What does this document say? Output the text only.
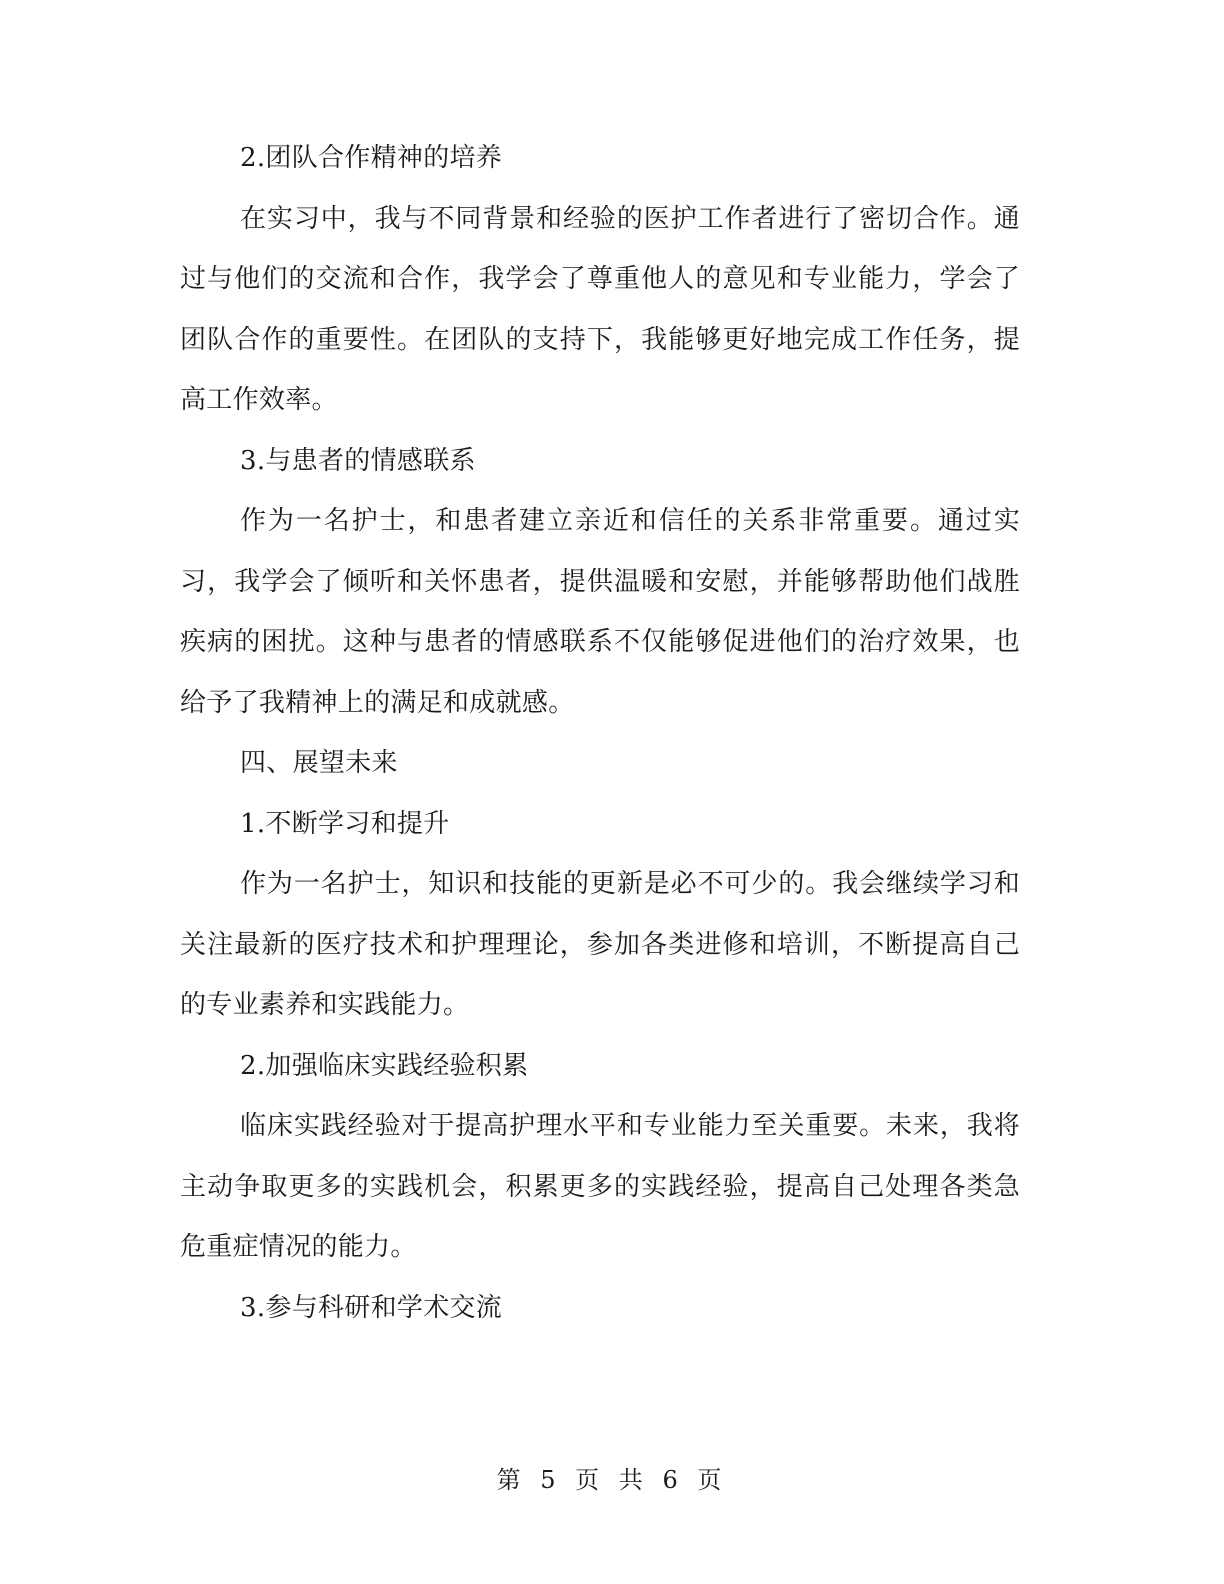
2.团队合作精神的培养

在实习中，我与不同背景和经验的医护工作者进行了密切合作。通过与他们的交流和合作，我学会了尊重他人的意见和专业能力，学会了团队合作的重要性。在团队的支持下，我能够更好地完成工作任务，提高工作效率。

3.与患者的情感联系

作为一名护士，和患者建立亲近和信任的关系非常重要。通过实习，我学会了倾听和关怀患者，提供温暖和安慰，并能够帮助他们战胜疾病的困扰。这种与患者的情感联系不仅能够促进他们的治疗效果，也给予了我精神上的满足和成就感。

四、展望未来

1.不断学习和提升

作为一名护士，知识和技能的更新是必不可少的。我会继续学习和关注最新的医疗技术和护理理论，参加各类进修和培训，不断提高自己的专业素养和实践能力。

2.加强临床实践经验积累

临床实践经验对于提高护理水平和专业能力至关重要。未来，我将主动争取更多的实践机会，积累更多的实践经验，提高自己处理各类急危重症情况的能力。

3.参与科研和学术交流

第 5 页 共 6 页
